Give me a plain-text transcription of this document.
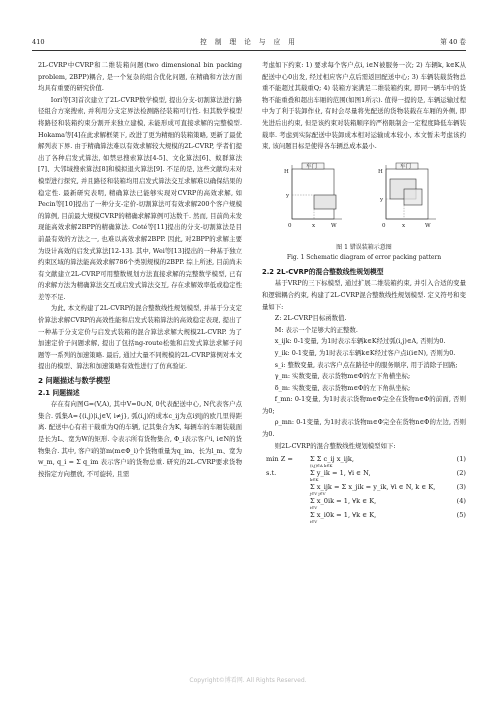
410	控 制 理 论 与 应 用	第 40 卷

2L-CVRP中CVRP和二维装箱问题(two dimensional bin packing problem, 2BPP)耦合, 是一个复杂的组合优化问题, 在精确和方法方面均具有重要的研究价值.

Iori等[3]首次建立了2L-CVRP数学模型, 提出分支-切割算法进行路径组合方案搜索, 并利用分支定界法检测路径装箱可行性. 但其数学模型将路径和装箱约束分割开来独立建模, 未能形成可直接求解的完整模型. Hokama等[4]在此求解框架下, 改进了更为精细的装箱策略, 更新了最优解列表下界. 由于精确算法难以有效求解较大规模的2L-CVRP, 学者们提出了各种启发式算法, 如禁忌搜索算法[4-5]、文化算法[6]、蚁群算法[7]、大邻域搜索算法[8]和模拟退火算法[9]. 不足的是, 这些文献均未对模型进行探究, 并且路径和装箱均用启发式算法交互求解难以确保结果的稳定性. 最新研究表明, 精确算法已能够实现对CVRP的高效求解, 如Pecin等[10]提出了一种分支-定价-切割算法可有效求解200个客户规模的算例, 目前最大规模CVRP的精确求解算例可达数千. 然而, 目前尚未发现能高效求解2BPP的精确算法. Coté等[11]提出的分支-切割算法是目前最有效的方法之一, 也难以高效求解2BPP. 因此, 对2BPP的求解主要为设计高效的启发式算法[12-13]. 其中, Wei等[13]提出的一种基于独立约束区域的算法能高效求解786个类别规模的2BPP. 综上所述, 目前尚未有文献建立2L-CVRP可用整数规划方法直接求解的完整数学模型, 已有的求解方法为精确算法交互或启发式算法交互, 存在求解效率低或稳定性差等不足.

为此, 本文构建了2L-CVRP的混合整数线性规划模型, 并基于分支定价算法求解CVRP的高效性能和启发式装箱算法的高效稳定表现, 提出了一种基于分支定价与启发式装箱的混合算法求解大规模2L-CVRP. 为了加速定价子问题求解, 提出了包括ng-route松弛和启发式算法求解子问题等一系列的加速策略. 最后, 通过大量不同规模的2L-CVRP算例对本文提出的模型、算法和加速策略有效性进行了仿真验证.

2 问题描述与数学模型
2.1 问题描述

存在有向图G=(V,A), 其中V=0∪N, 0代表配送中心, N代表客户点集合. 弧集A={(i,j)|i,j∈V, i≠j}, 弧(i,j)的成本c_ij为点i到j的欧几里得距离. 配送中心有若干载重为Q的车辆, 记其集合为K, 每辆车的车厢装载面是长为L、宽为W的矩形. 令表示所有货物集合, Φ_i表示客户i, i∈N的货物集合. 其中, 客户i的第m(m∈Φ_i)个货物重量为q_im、长为l_m、宽为w_m, q_i = Σ q_im 表示客户i的货物总重. 研究的2L-CVRP要求货物按指定方向摆放, 不可旋转, 且需

考虑如下约束: 1) 要求每个客户点i, i∈N被服务一次; 2) 车辆k, k∈K从配送中心0出发, 经过相应客户点后需返回配送中心; 3) 车辆装载货物总重不能超过其载重Q; 4) 装箱方案满足二维装箱约束, 即同一辆车中的货物不能重叠和超出车厢的范围(如图1所示). 值得一提的是, 车辆运输过程中为了利于装卸作业, 有时会尽量将先配送的货物装载在车厢的外侧, 即先进后出约束, 但是该约束对装箱顺序的严格限制会一定程度降低车辆装载率. 考虑到实际配送中装卸成本相对运输成本较小, 本文暂未考虑该约束, 该问题目标是使得各车辆总成本最小.

车门
H
y
0	x	W
车门
H
y
0	x	W
图 1 错误装箱示意图
Fig. 1 Schematic diagram of error packing pattern
2.2 2L-CVRP的混合整数线性规划模型

基于VRP的三下标模型, 通过扩展二维装箱约束, 并引入合适的变量和逻辑耦合约束, 构建了2L-CVRP混合整数线性规划模型. 定义符号和变量如下:

Z: 2L-CVRP目标函数值.

M: 表示一个足够大的正整数.

x_ijk: 0-1变量, 为1时表示车辆k∈K经过弧(i,j)∈A, 否则为0.

y_ik: 0-1变量, 为1时表示车辆k∈K经过客户点i(i∈N), 否则为0.

s_i: 整数变量, 表示客户点在路径中的服务顺序, 用于消除子回路;

γ_m: 实数变量, 表示货物m∈Φ的左下角横坐标;

δ_m: 实数变量, 表示货物m∈Φ的左下角纵坐标;

f_mn: 0-1变量, 为1时表示货物m∈Φ完全在货物n∈Φ的前面, 否则为0;

ρ_mn: 0-1变量, 为1时表示货物m∈Φ完全在货物n∈Φ的左边, 否则为0.

则2L-CVRP的混合整数线性规划模型如下:

min Z =	Σ Σ c_ij x_ijk,
(i,j)∈A k∈K
(1)
s.t.	Σ y_ik = 1, ∀i ∈ N,
k∈K
(2)
Σ x_ijk = Σ x_jik = y_ik, ∀i ∈ N, k ∈ K,
j∈V j∈V
(3)
Σ x_0ik = 1, ∀k ∈ K,
i∈V
(4)
Σ x_i0k = 1, ∀k ∈ K,
i∈V
(5)
Copyright©博看网. All Rights Reserved.
